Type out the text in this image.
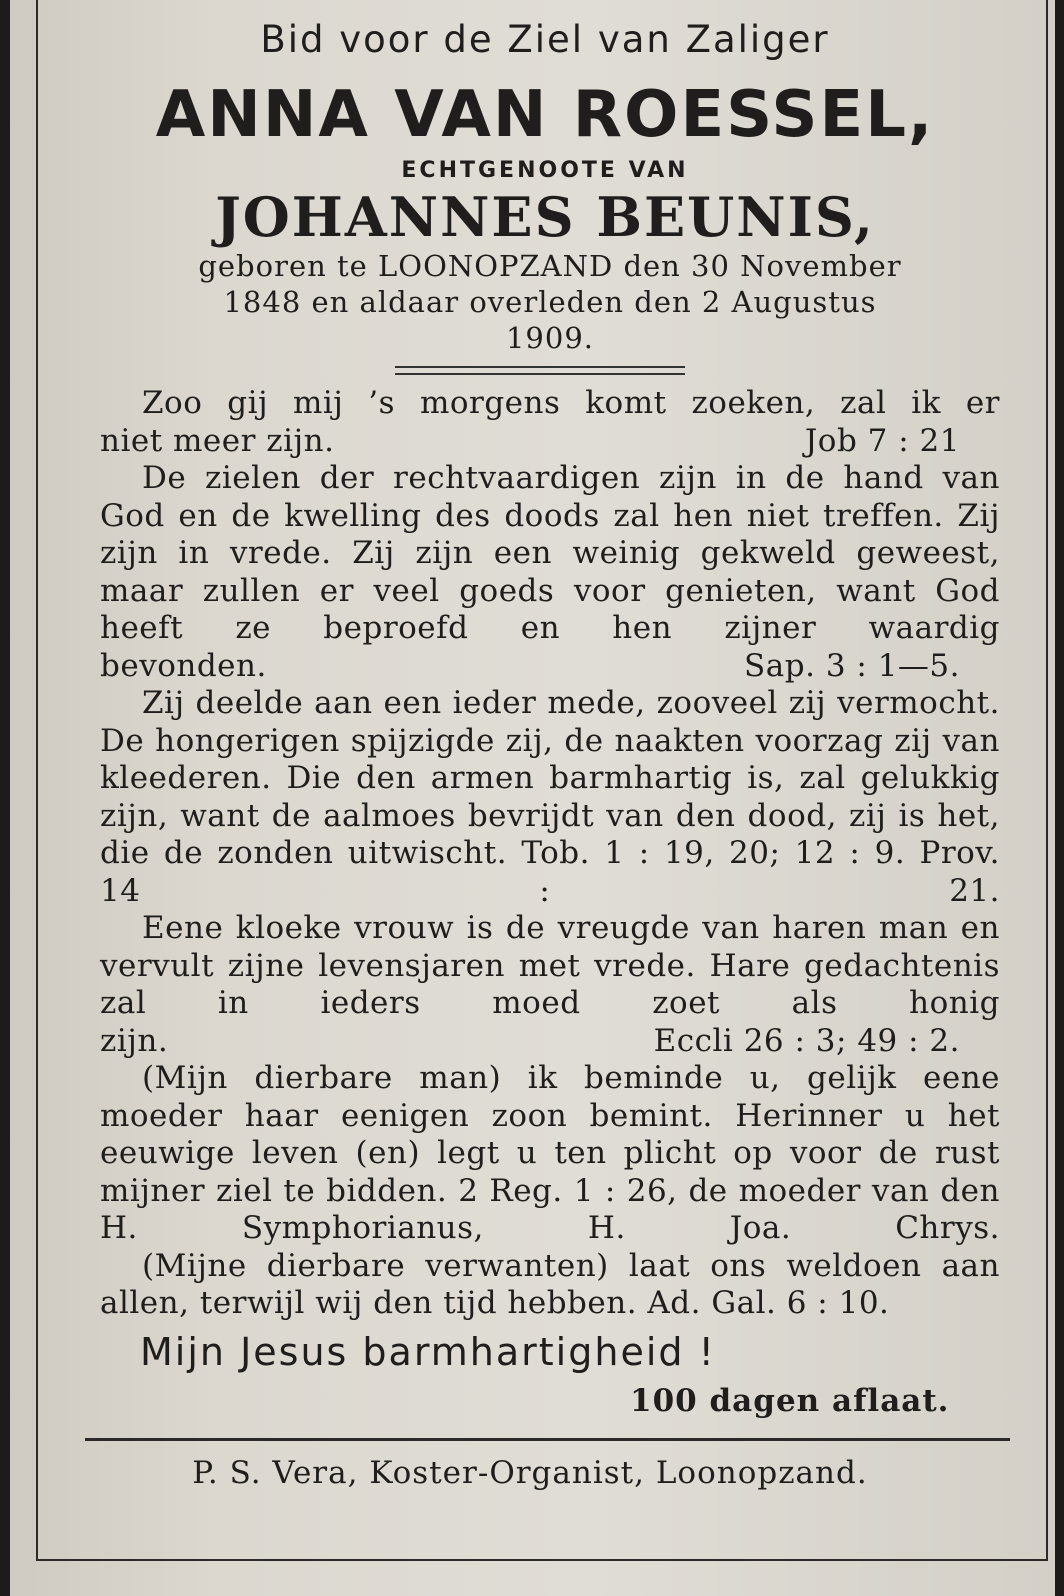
Bid voor de Ziel van Zaliger
ANNA VAN ROESSEL,
ECHTGENOOTE VAN
JOHANNES BEUNIS,
geboren te LOONOPZAND den 30 November
1848 en aldaar overleden den 2 Augustus
1909.

Zoo gij mij ’s morgens komt zoeken, zal ik er

niet meer zijn.	Job 7 : 21

De zielen der rechtvaardigen zijn in de hand van God en de kwelling des doods zal hen niet treffen. Zij zijn in vrede. Zij zijn een weinig gekweld geweest, maar zullen er veel goeds voor genieten, want God heeft ze beproefd en hen zijner waardig

bevonden.	Sap. 3 : 1—5.

Zij deelde aan een ieder mede, zooveel zij vermocht. De hongerigen spijzigde zij, de naakten voorzag zij van kleederen. Die den armen barmhartig is, zal gelukkig zijn, want de aalmoes bevrijdt van den dood, zij is het, die de zonden uitwischt. Tob. 1 : 19, 20; 12 : 9. Prov. 14 : 21.

Eene kloeke vrouw is de vreugde van haren man en vervult zijne levensjaren met vrede. Hare gedachtenis zal in ieders moed zoet als honig

zijn.	Eccli 26 : 3; 49 : 2.

(Mijn dierbare man) ik beminde u, gelijk eene moeder haar eenigen zoon bemint. Herinner u het eeuwige leven (en) legt u ten plicht op voor de rust mijner ziel te bidden. 2 Reg. 1 : 26, de moeder van den H. Symphorianus, H. Joa. Chrys.

(Mijne dierbare verwanten) laat ons weldoen aan allen, terwijl wij den tijd hebben. Ad. Gal. 6 : 10.

Mijn Jesus barmhartigheid !
100 dagen aflaat.
P. S. Vera, Koster-Organist, Loonopzand.
